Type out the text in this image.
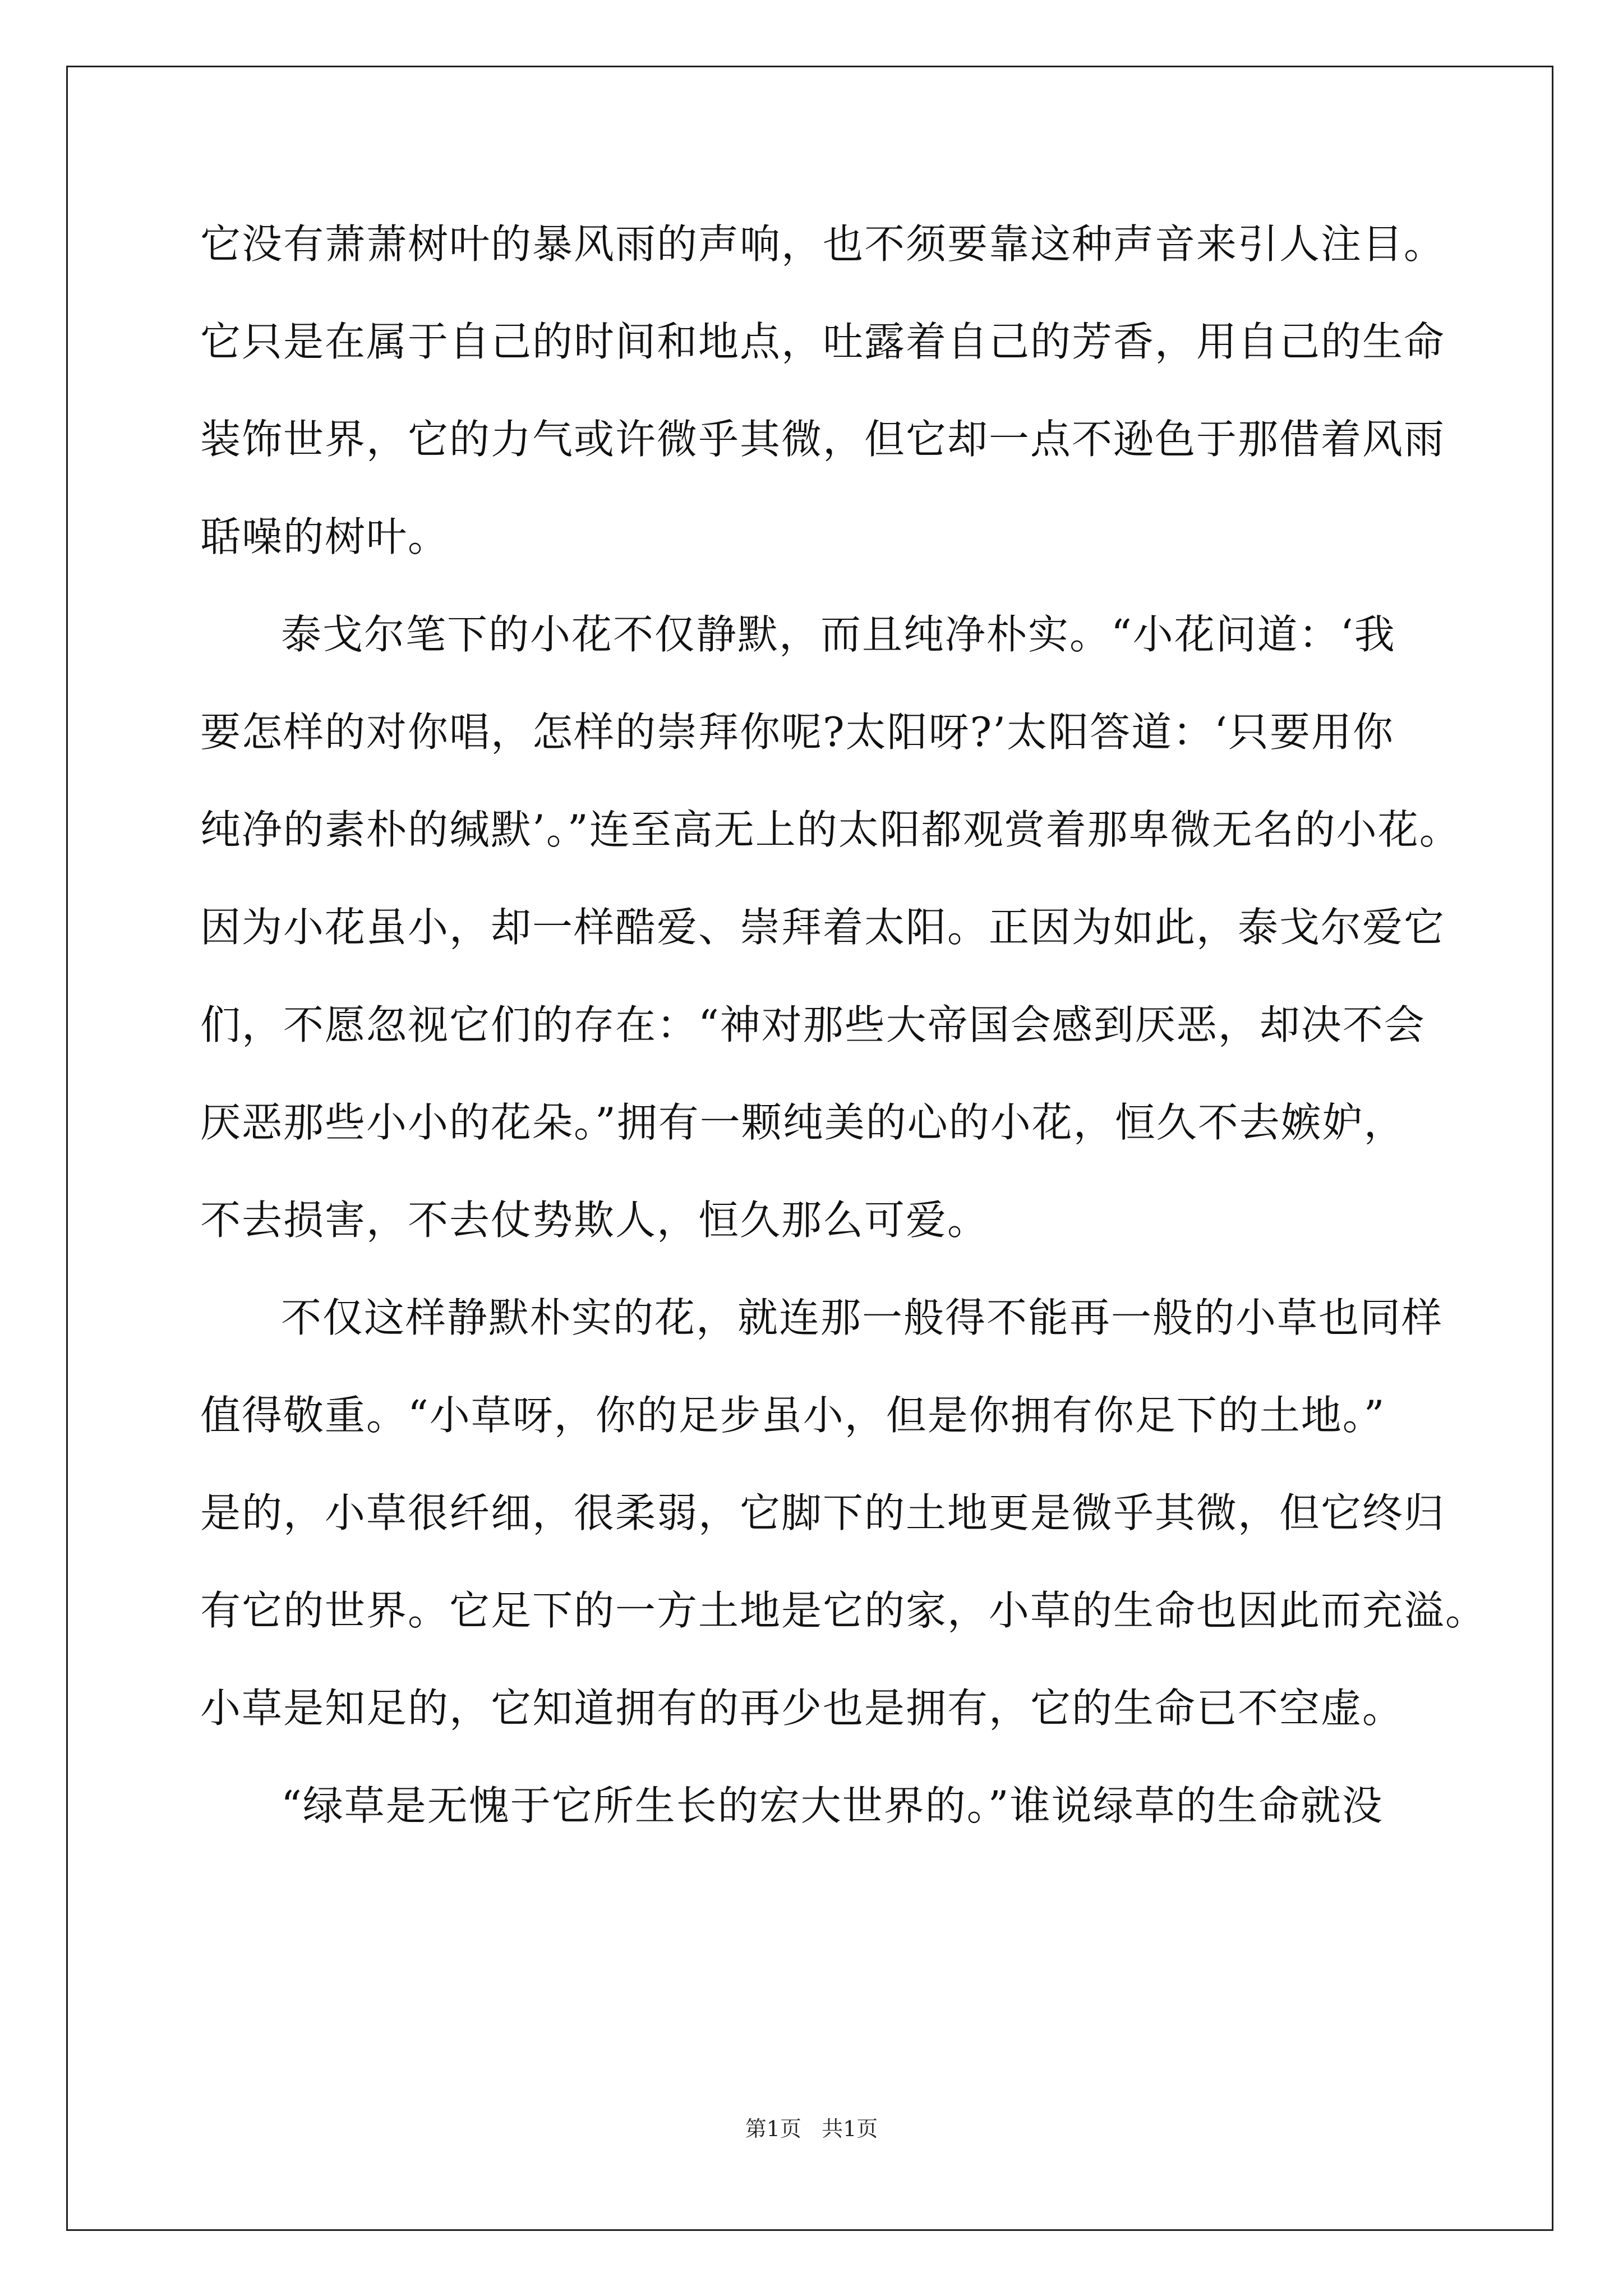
它没有萧萧树叶的暴风雨的声响，也不须要靠这种声音来引人注目。
它只是在属于自己的时间和地点，吐露着自己的芳香，用自己的生命
装饰世界，它的力气或许微乎其微，但它却一点不逊色于那借着风雨
聒噪的树叶。
泰戈尔笔下的小花不仅静默，而且纯净朴实。“小花问道：‘我
要怎样的对你唱，怎样的崇拜你呢?太阳呀?’太阳答道：‘只要用你
纯净的素朴的缄默’。”连至高无上的太阳都观赏着那卑微无名的小花。
因为小花虽小，却一样酷爱、崇拜着太阳。正因为如此，泰戈尔爱它
们，不愿忽视它们的存在：“神对那些大帝国会感到厌恶，却决不会
厌恶那些小小的花朵。”拥有一颗纯美的心的小花，恒久不去嫉妒，
不去损害，不去仗势欺人，恒久那么可爱。
不仅这样静默朴实的花，就连那一般得不能再一般的小草也同样
值得敬重。“小草呀，你的足步虽小，但是你拥有你足下的土地。”
是的，小草很纤细，很柔弱，它脚下的土地更是微乎其微，但它终归
有它的世界。它足下的一方土地是它的家，小草的生命也因此而充溢。
小草是知足的，它知道拥有的再少也是拥有，它的生命已不空虚。
“绿草是无愧于它所生长的宏大世界的。”谁说绿草的生命就没
第1页 共1页
